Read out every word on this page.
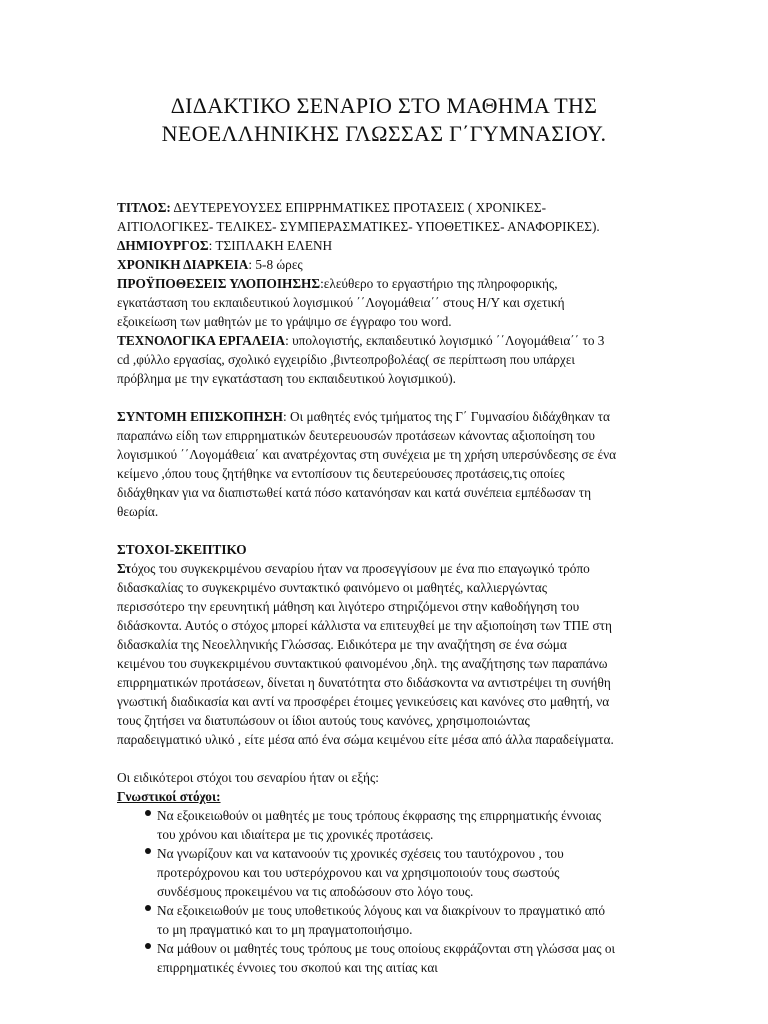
ΔΙΔΑΚΤΙΚΟ ΣΕΝΑΡΙΟ ΣΤΟ ΜΑΘΗΜΑ ΤΗΣ
ΝΕΟΕΛΛΗΝΙΚΗΣ ΓΛΩΣΣΑΣ Γ΄ΓΥΜΝΑΣΙΟΥ.

ΤΙΤΛΟΣ: ΔΕΥΤΕΡΕΥΟΥΣΕΣ ΕΠΙΡΡΗΜΑΤΙΚΕΣ ΠΡΟΤΑΣΕΙΣ ( ΧΡΟΝΙΚΕΣ- ΑΙΤΙΟΛΟΓΙΚΕΣ- ΤΕΛΙΚΕΣ- ΣΥΜΠΕΡΑΣΜΑΤΙΚΕΣ- ΥΠΟΘΕΤΙΚΕΣ- ΑΝΑΦΟΡΙΚΕΣ).

ΔΗΜΙΟΥΡΓΟΣ: ΤΣΙΠΛΑΚΗ ΕΛΕΝΗ

ΧΡΟΝΙΚΗ ΔΙΑΡΚΕΙΑ: 5-8 ώρες

ΠΡΟΫΠΟΘΕΣΕΙΣ ΥΛΟΠΟΙΗΣΗΣ:ελεύθερο το εργαστήριο της πληροφορικής, εγκατάσταση του εκπαιδευτικού λογισμικού ΄΄Λογομάθεια΄΄ στους Η/Υ και σχετική εξοικείωση των μαθητών με το γράψιμο σε έγγραφο του word.

ΤΕΧΝΟΛΟΓΙΚΑ ΕΡΓΑΛΕΙΑ: υπολογιστής, εκπαιδευτικό λογισμικό ΄΄Λογομάθεια΄΄ το 3 cd ,φύλλο εργασίας, σχολικό εγχειρίδιο ,βιντεοπροβολέας( σε περίπτωση που υπάρχει πρόβλημα με την εγκατάσταση του εκπαιδευτικού λογισμικού).

ΣΥΝΤΟΜΗ ΕΠΙΣΚΟΠΗΣΗ: Οι μαθητές ενός τμήματος της Γ΄ Γυμνασίου διδάχθηκαν τα παραπάνω είδη των επιρρηματικών δευτερευουσών προτάσεων κάνοντας αξιοποίηση του λογισμικού ΄΄Λογομάθεια΄ και ανατρέχοντας στη συνέχεια με τη χρήση υπερσύνδεσης σε ένα κείμενο ,όπου τους ζητήθηκε να εντοπίσουν τις δευτερεύουσες προτάσεις,τις οποίες διδάχθηκαν για να διαπιστωθεί κατά πόσο κατανόησαν και κατά συνέπεια εμπέδωσαν τη θεωρία.

ΣΤΟΧΟΙ-ΣΚΕΠΤΙΚΟ

Στόχος του συγκεκριμένου σεναρίου ήταν να προσεγγίσουν με ένα πιο επαγωγικό τρόπο διδασκαλίας το συγκεκριμένο συντακτικό φαινόμενο οι μαθητές, καλλιεργώντας περισσότερο την ερευνητική μάθηση και λιγότερο στηριζόμενοι στην καθοδήγηση του διδάσκοντα. Αυτός ο στόχος μπορεί κάλλιστα να επιτευχθεί με την αξιοποίηση των ΤΠΕ στη διδασκαλία της Νεοελληνικής Γλώσσας. Ειδικότερα με την αναζήτηση σε ένα σώμα κειμένου του συγκεκριμένου συντακτικού φαινομένου ,δηλ. της αναζήτησης των παραπάνω επιρρηματικών προτάσεων, δίνεται η δυνατότητα στο διδάσκοντα να αντιστρέψει τη συνήθη γνωστική διαδικασία και αντί να προσφέρει έτοιμες γενικεύσεις και κανόνες στο μαθητή, να τους ζητήσει να διατυπώσουν οι ίδιοι αυτούς τους κανόνες, χρησιμοποιώντας παραδειγματικό υλικό , είτε μέσα από ένα σώμα κειμένου είτε μέσα από άλλα παραδείγματα.

Οι ειδικότεροι στόχοι του σεναρίου ήταν οι εξής:

Γνωστικοί στόχοι:

Να εξοικειωθούν οι μαθητές με τους τρόπους έκφρασης της επιρρηματικής έννοιας του χρόνου και ιδιαίτερα με τις χρονικές προτάσεις.
Να γνωρίζουν και να κατανοούν τις χρονικές σχέσεις του ταυτόχρονου , του προτερόχρονου και του υστερόχρονου και να χρησιμοποιούν τους σωστούς συνδέσμους προκειμένου να τις αποδώσουν στο λόγο τους.
Να εξοικειωθούν με τους υποθετικούς λόγους και να διακρίνουν το πραγματικό από το μη πραγματικό και το μη πραγματοποιήσιμο.
Να μάθουν οι μαθητές τους τρόπους με τους οποίους εκφράζονται στη γλώσσα μας οι επιρρηματικές έννοιες του σκοπού και της αιτίας και
